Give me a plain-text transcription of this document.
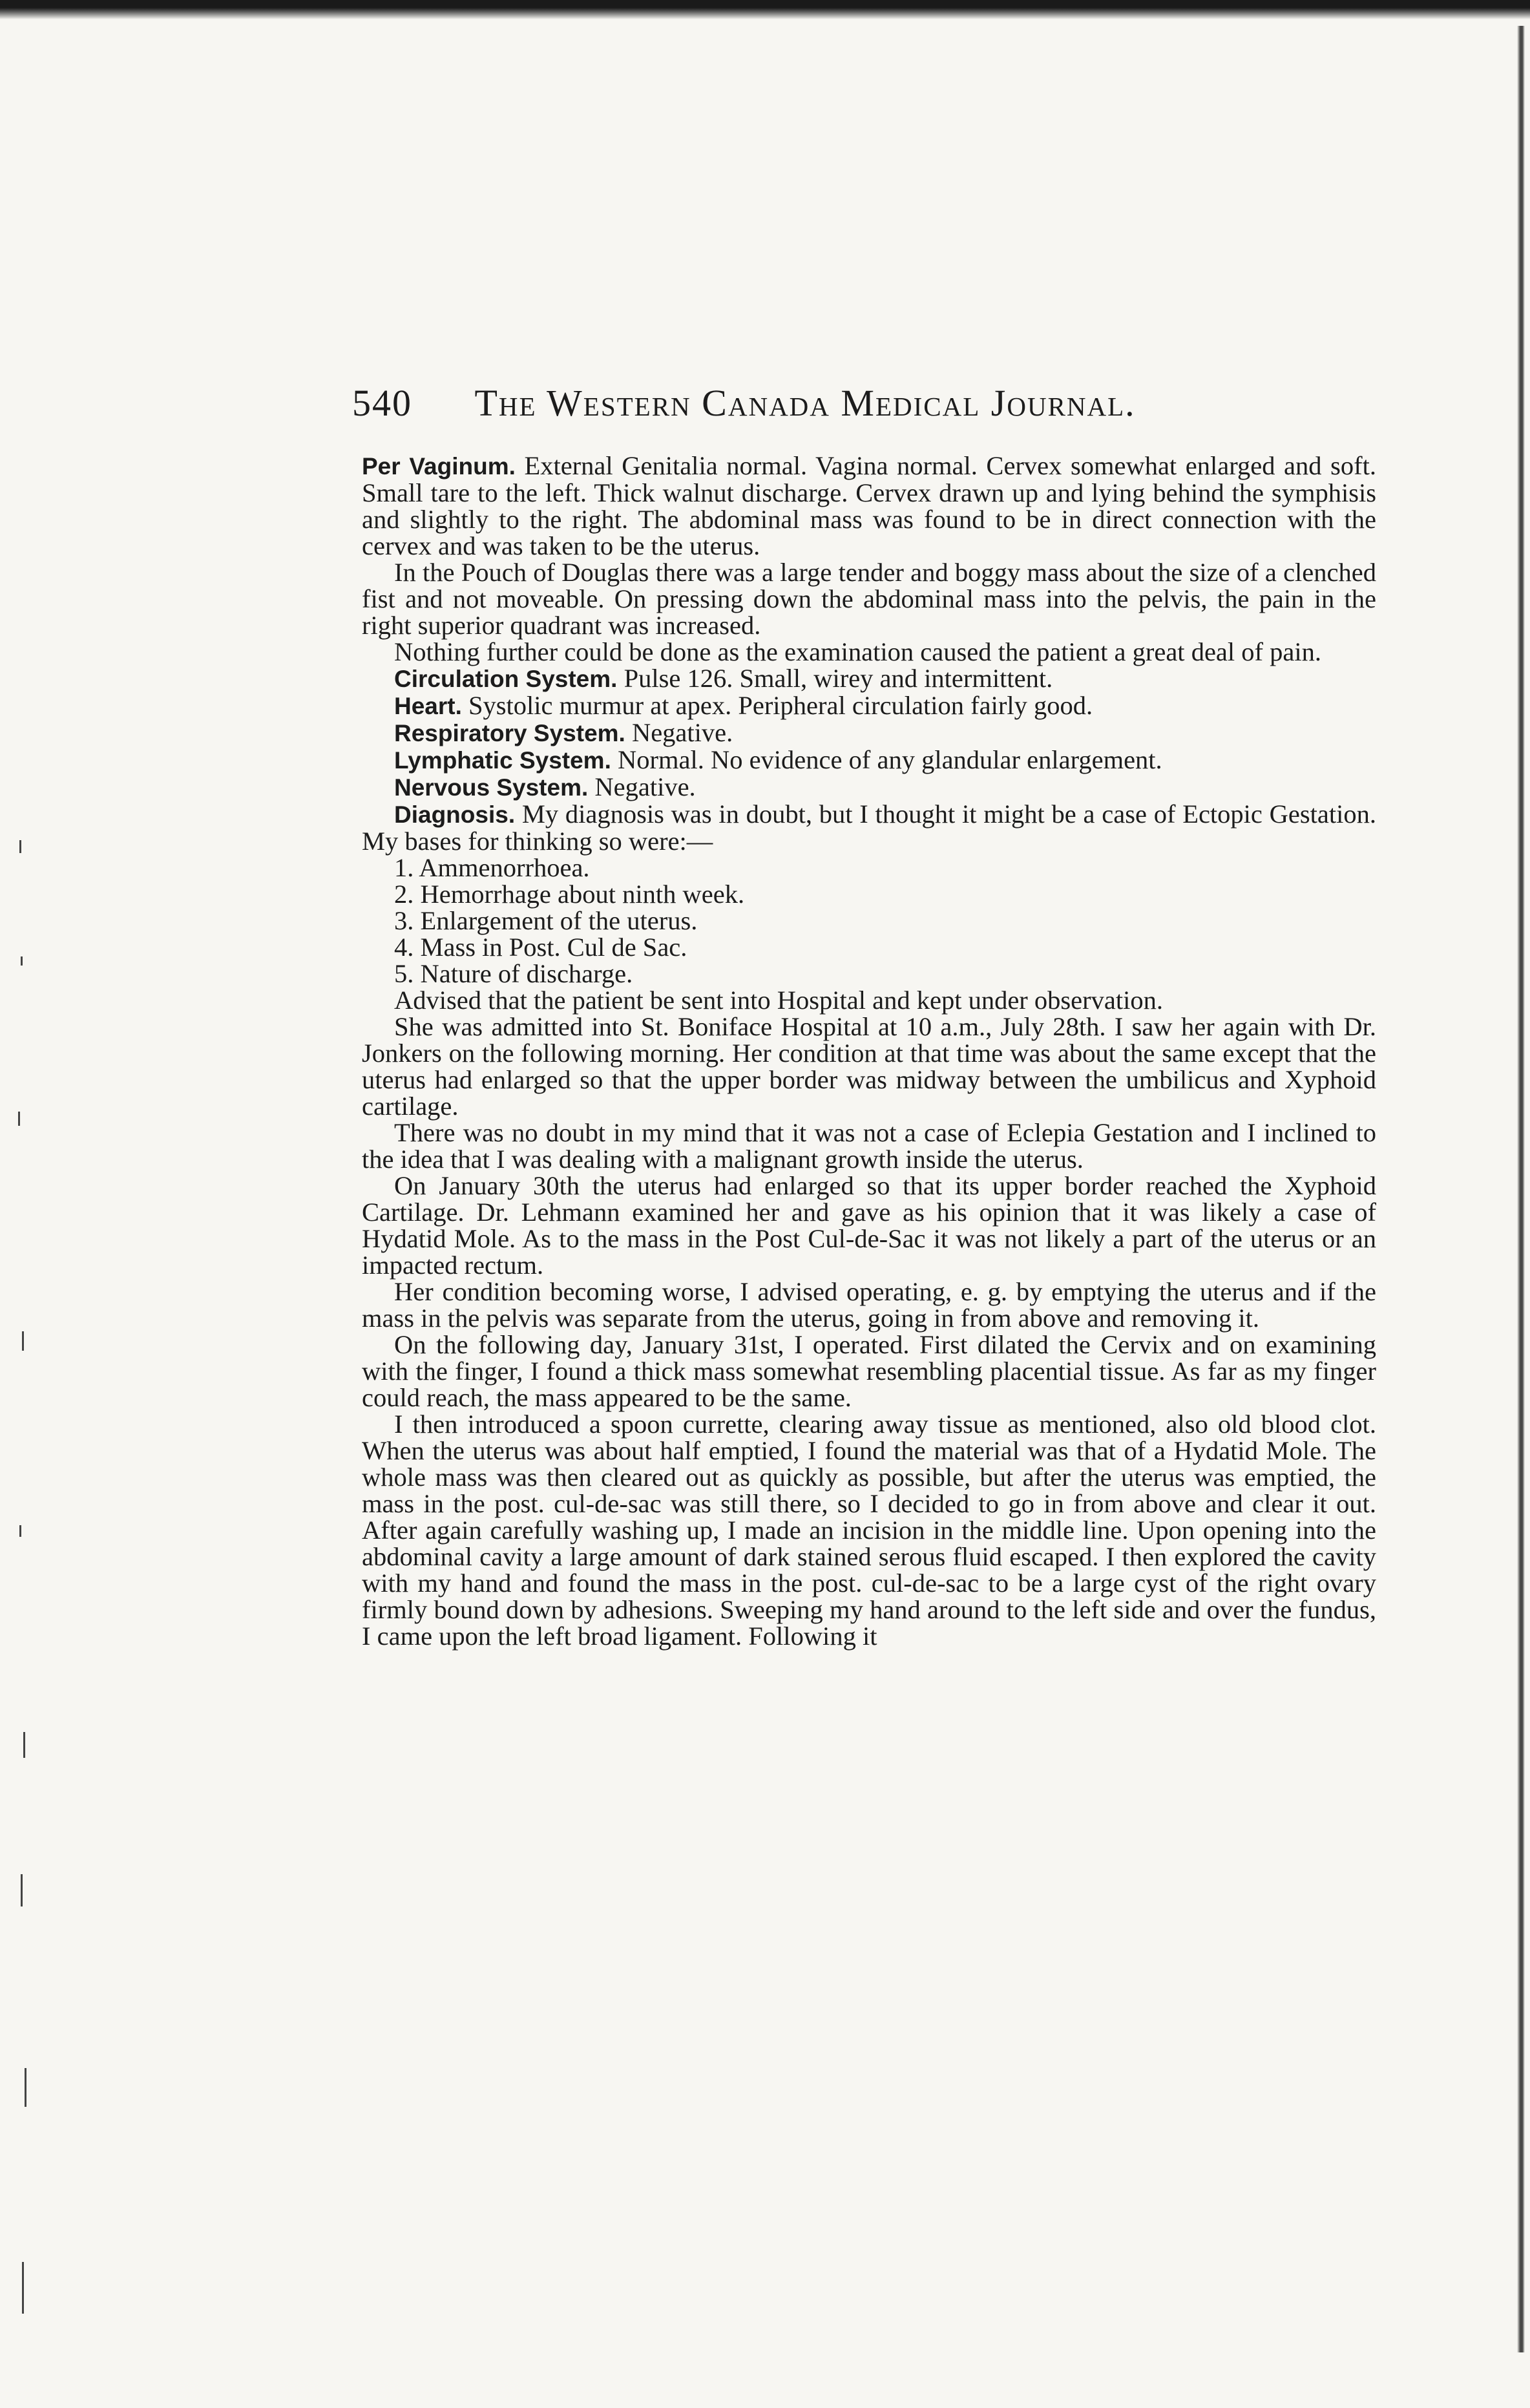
540 The Western Canada Medical Journal.

Per Vaginum. External Genitalia normal. Vagina normal. Cervex somewhat enlarged and soft. Small tare to the left. Thick walnut discharge. Cervex drawn up and lying behind the symphisis and slightly to the right. The abdominal mass was found to be in direct connection with the cervex and was taken to be the uterus.

In the Pouch of Douglas there was a large tender and boggy mass about the size of a clenched fist and not moveable. On pressing down the abdominal mass into the pelvis, the pain in the right superior quadrant was increased.

Nothing further could be done as the examination caused the patient a great deal of pain.

Circulation System. Pulse 126. Small, wirey and intermittent.

Heart. Systolic murmur at apex. Peripheral circulation fairly good.

Respiratory System. Negative.

Lymphatic System. Normal. No evidence of any glandular enlargement.

Nervous System. Negative.

Diagnosis. My diagnosis was in doubt, but I thought it might be a case of Ectopic Gestation. My bases for thinking so were:—

1. Ammenorrhoea.

2. Hemorrhage about ninth week.

3. Enlargement of the uterus.

4. Mass in Post. Cul de Sac.

5. Nature of discharge.

Advised that the patient be sent into Hospital and kept under observation.

She was admitted into St. Boniface Hospital at 10 a.m., July 28th. I saw her again with Dr. Jonkers on the following morning. Her condition at that time was about the same except that the uterus had enlarged so that the upper border was midway between the umbilicus and Xyphoid cartilage.

There was no doubt in my mind that it was not a case of Eclepia Gestation and I inclined to the idea that I was dealing with a malignant growth inside the uterus.

On January 30th the uterus had enlarged so that its upper border reached the Xyphoid Cartilage. Dr. Lehmann examined her and gave as his opinion that it was likely a case of Hydatid Mole. As to the mass in the Post Cul-de-Sac it was not likely a part of the uterus or an impacted rectum.

Her condition becoming worse, I advised operating, e. g. by emptying the uterus and if the mass in the pelvis was separate from the uterus, going in from above and removing it.

On the following day, January 31st, I operated. First dilated the Cervix and on examining with the finger, I found a thick mass somewhat resembling placential tissue. As far as my finger could reach, the mass appeared to be the same.

I then introduced a spoon currette, clearing away tissue as mentioned, also old blood clot. When the uterus was about half emptied, I found the material was that of a Hydatid Mole. The whole mass was then cleared out as quickly as possible, but after the uterus was emptied, the mass in the post. cul-de-sac was still there, so I decided to go in from above and clear it out. After again carefully washing up, I made an incision in the middle line. Upon opening into the abdominal cavity a large amount of dark stained serous fluid escaped. I then explored the cavity with my hand and found the mass in the post. cul-de-sac to be a large cyst of the right ovary firmly bound down by adhesions. Sweeping my hand around to the left side and over the fundus, I came upon the left broad ligament. Following it
